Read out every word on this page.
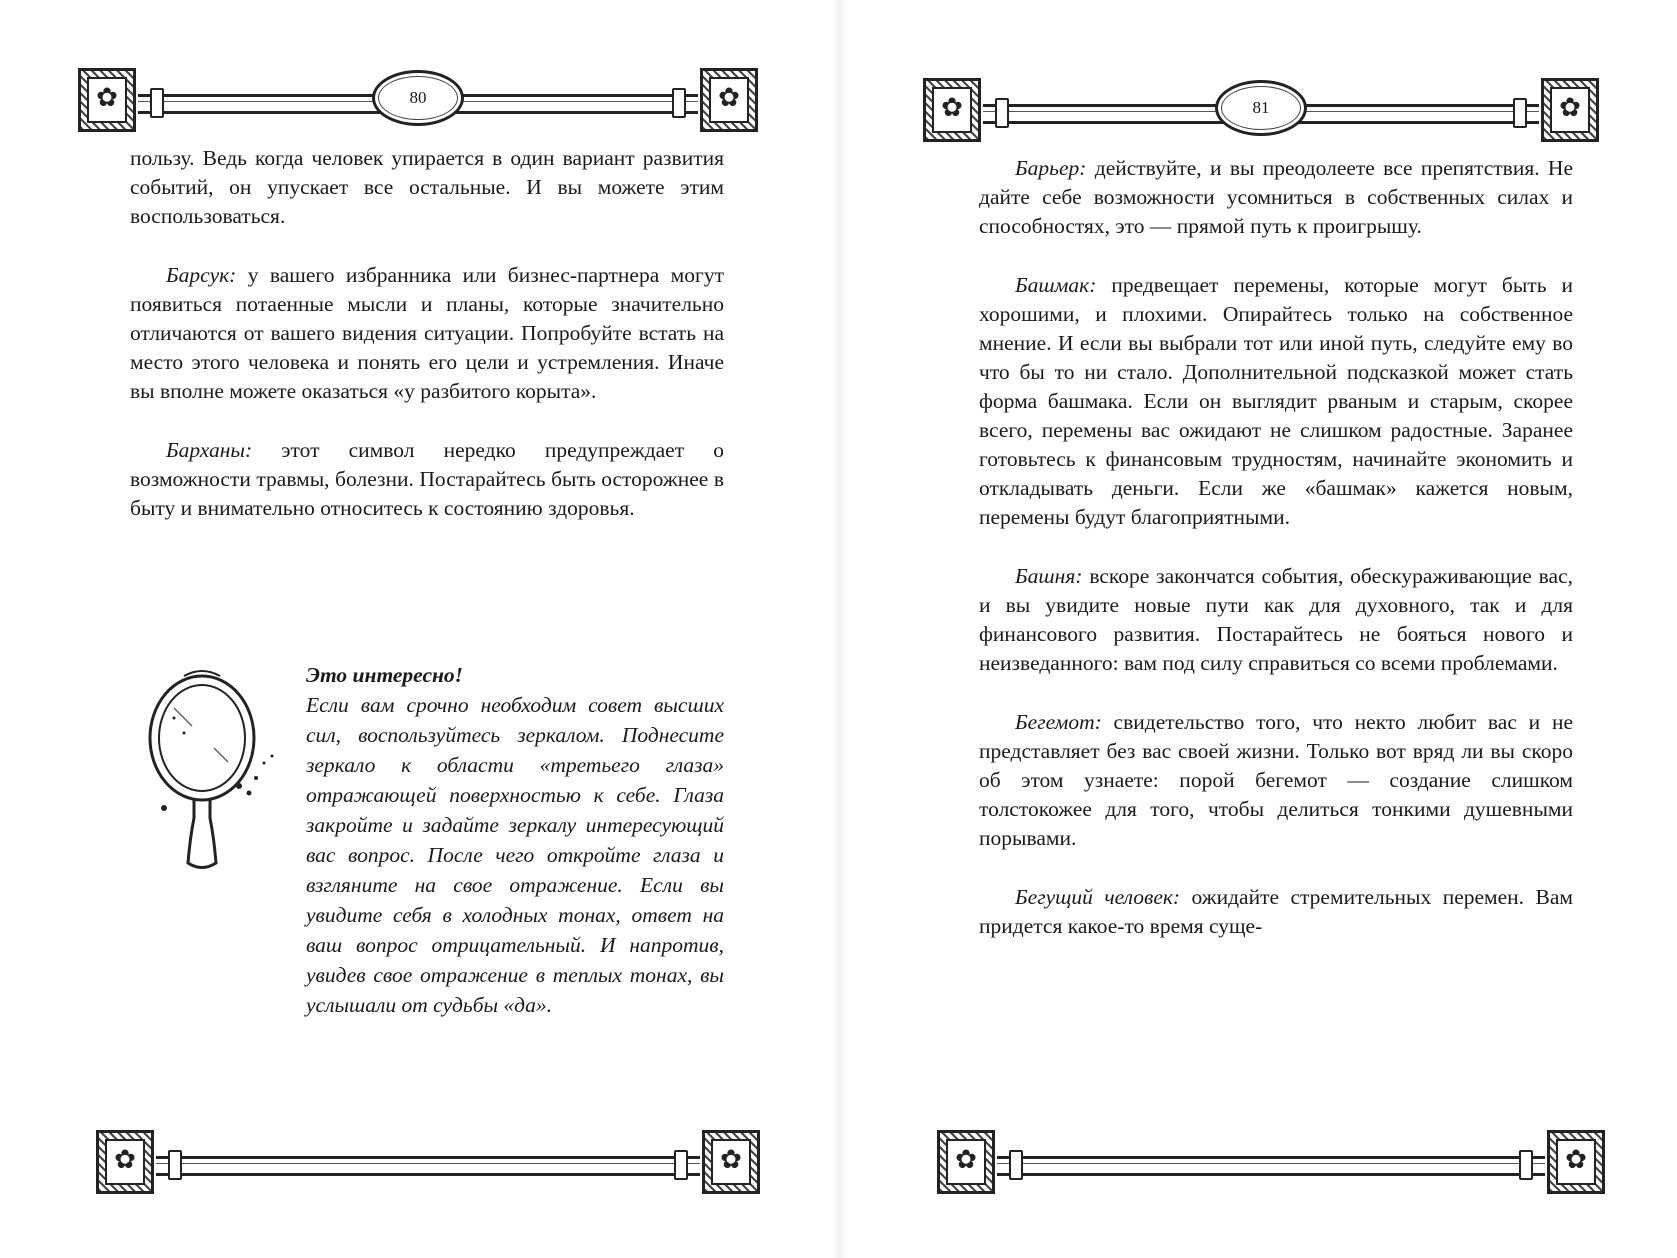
✿
✿
80

пользу. Ведь когда человек упирается в один вариант развития событий, он упускает все остальные. И вы можете этим воспользоваться.

Барсук: у вашего избранника или бизнес-партнера могут появиться потаенные мысли и планы, которые значительно отличаются от вашего видения ситуации. Попробуйте встать на место этого человека и понять его цели и устремления. Иначе вы вполне можете оказаться «у разбитого корыта».

Барханы: этот символ нередко предупреждает о возможности травмы, болезни. Постарайтесь быть осторожнее в быту и внимательно относитесь к состоянию здоровья.

Это интересно!
Если вам срочно необходим совет высших сил, воспользуйтесь зеркалом. Поднесите зеркало к области «третьего глаза» отражающей поверхностью к себе. Глаза закройте и задайте зеркалу интересующий вас вопрос. После чего откройте глаза и взгляните на свое отражение. Если вы увидите себя в холодных тонах, ответ на ваш вопрос отрицательный. И напротив, увидев свое отражение в теплых тонах, вы услышали от судьбы «да».
✿
✿
✿
✿
81

Барьер: действуйте, и вы преодолеете все препятствия. Не дайте себе возможности усомниться в собственных силах и способностях, это — прямой путь к проигрышу.

Башмак: предвещает перемены, которые могут быть и хорошими, и плохими. Опирайтесь только на собственное мнение. И если вы выбрали тот или иной путь, следуйте ему во что бы то ни стало. Дополнительной подсказкой может стать форма башмака. Если он выглядит рваным и старым, скорее всего, перемены вас ожидают не слишком радостные. Заранее готовьтесь к финансовым трудностям, начинайте экономить и откладывать деньги. Если же «башмак» кажется новым, перемены будут благоприятными.

Башня: вскоре закончатся события, обескураживающие вас, и вы увидите новые пути как для духовного, так и для финансового развития. Постарайтесь не бояться нового и неизведанного: вам под силу справиться со всеми проблемами.

Бегемот: свидетельство того, что некто любит вас и не представляет без вас своей жизни. Только вот вряд ли вы скоро об этом узнаете: порой бегемот — создание слишком толстокожее для того, чтобы делиться тонкими душевными порывами.

Бегущий человек: ожидайте стремительных перемен. Вам придется какое-то время суще-

✿
✿
